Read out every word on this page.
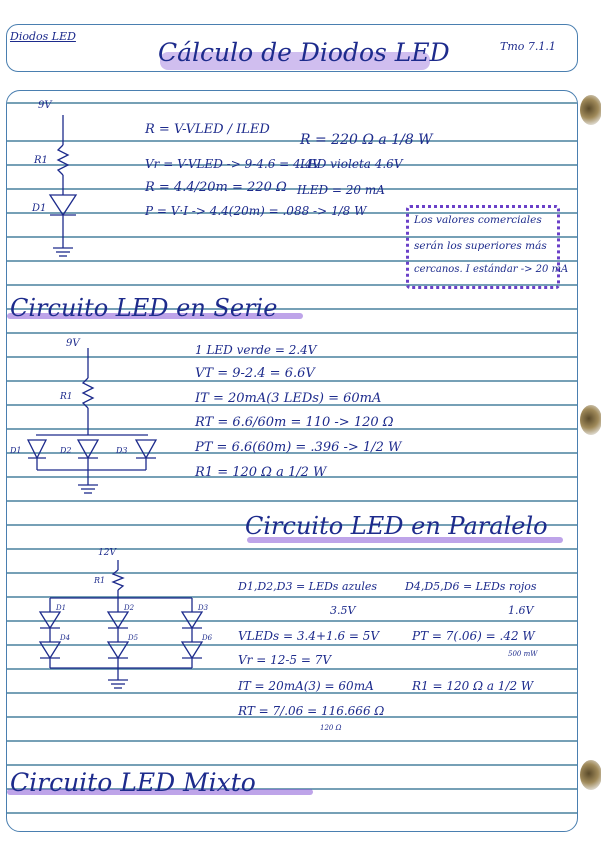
Diodos LED
Cálculo de Diodos LED	Tmo 7.1.1
9V
R1
D1
R = V-VLED / ILED
R = 220 Ω a 1/8 W
Vr = V-VLED -> 9-4.6 = 4.4V
LED violeta 4.6V
R = 4.4/20m = 220 Ω ILED = 20 mA
P = V·I -> 4.4(20m) = .088 -> 1/8 W
Los valores comerciales
serán los superiores más
cercanos. I estándar -> 20 mA
Circuito LED en Serie
9V
R1
D1	D2	D3
1 LED verde = 2.4V
VT = 9-2.4 = 6.6V
IT = 20mA(3 LEDs) = 60mA
RT = 6.6/60m = 110 -> 120 Ω
PT = 6.6(60m) = .396 -> 1/2 W
R1 = 120 Ω a 1/2 W
Circuito LED en Paralelo
12V
R1
D1	D2	D3
D4	D5	D6
D1,D2,D3 = LEDs azules	D4,D5,D6 = LEDs rojos
3.5V	1.6V
VLEDs = 3.4+1.6 = 5V	PT = 7(.06) = .42 W
500 mW
Vr = 12-5 = 7V
IT = 20mA(3) = 60mA	R1 = 120 Ω a 1/2 W
RT = 7/.06 = 116.666 Ω
120 Ω
Circuito LED Mixto
